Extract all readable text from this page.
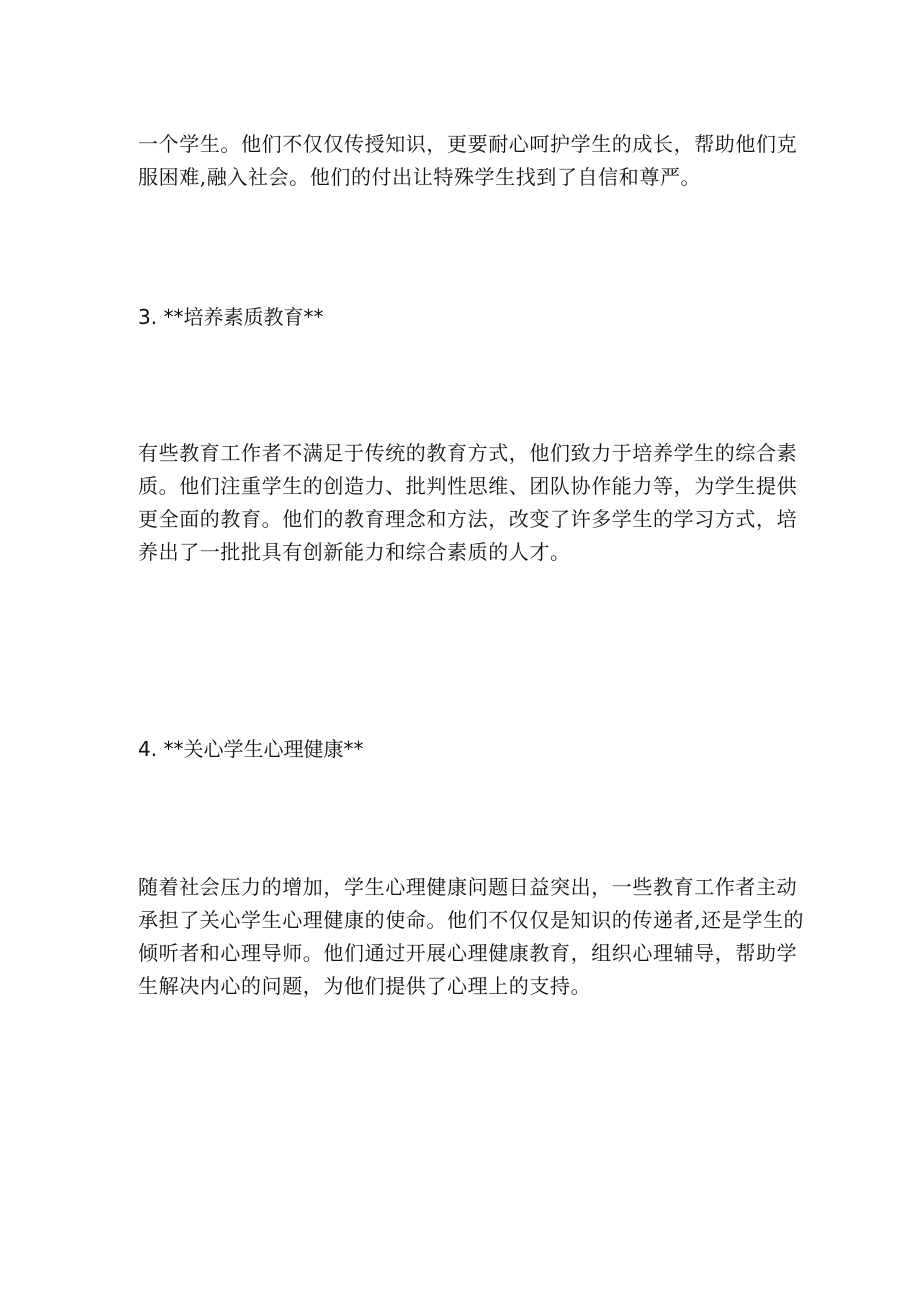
一个学生。他们不仅仅传授知识，更要耐心呵护学生的成长，帮助他们克
服困难,融入社会。他们的付出让特殊学生找到了自信和尊严。
3. **培养素质教育**
有些教育工作者不满足于传统的教育方式，他们致力于培养学生的综合素
质。他们注重学生的创造力、批判性思维、团队协作能力等，为学生提供
更全面的教育。他们的教育理念和方法，改变了许多学生的学习方式，培
养出了一批批具有创新能力和综合素质的人才。
4. **关心学生心理健康**
随着社会压力的增加，学生心理健康问题日益突出，一些教育工作者主动
承担了关心学生心理健康的使命。他们不仅仅是知识的传递者,还是学生的
倾听者和心理导师。他们通过开展心理健康教育，组织心理辅导，帮助学
生解决内心的问题，为他们提供了心理上的支持。
